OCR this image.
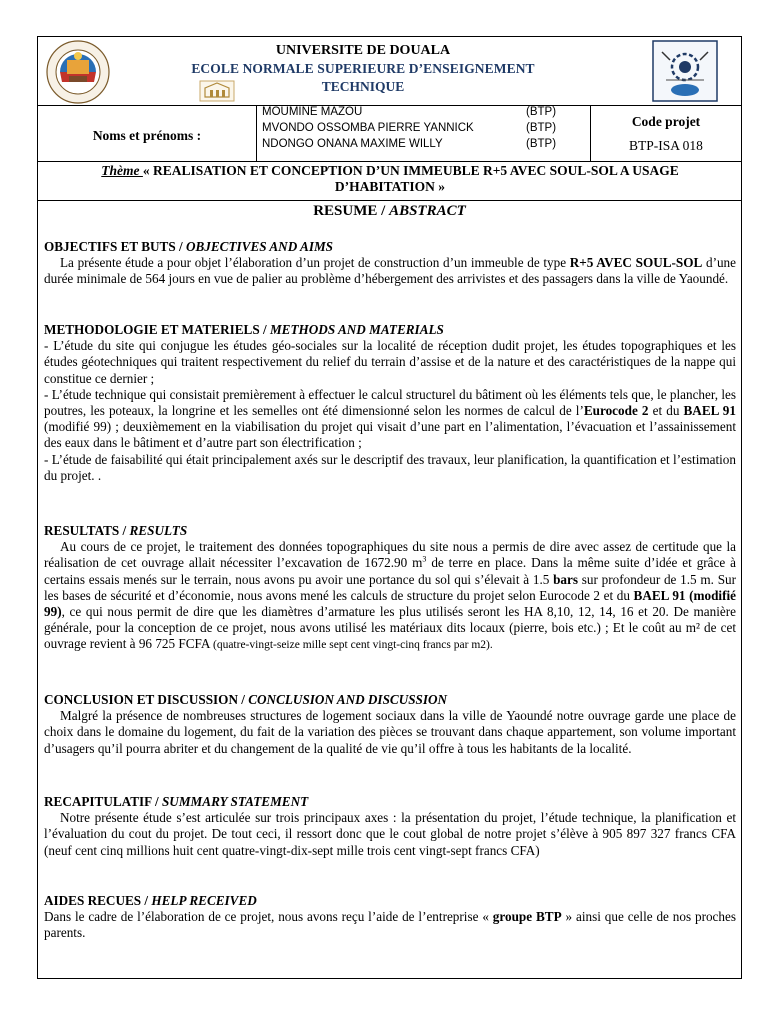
UNIVERSITE DE DOUALA
ECOLE NORMALE SUPERIEURE D’ENSEIGNEMENT
TECHNIQUE
Noms et prénoms :
MOUMINE MAZOU	(BTP)
MVONDO OSSOMBA PIERRE YANNICK	(BTP)
NDONGO ONANA MAXIME WILLY	(BTP)
Code projet
BTP-ISA 018
Thème « REALISATION ET CONCEPTION D’UN IMMEUBLE R+5 AVEC SOUL-SOL A USAGE
D’HABITATION »
RESUME / ABSTRACT

OBJECTIFS ET BUTS / OBJECTIVES AND AIMS

La présente étude a pour objet l’élaboration d’un projet de construction d’un immeuble de type R+5 AVEC SOUL-SOL d’une durée minimale de 564 jours en vue de palier au problème d’hébergement des arrivistes et des passagers dans la ville de Yaoundé.

METHODOLOGIE ET MATERIELS / METHODS AND MATERIALS

- L’étude du site qui conjugue les études géo-sociales sur la localité de réception dudit projet, les études topographiques et les études géotechniques qui traitent respectivement du relief du terrain d’assise et de la nature et des caractéristiques de la nappe qui constitue ce dernier ;

- L’étude technique qui consistait premièrement à effectuer le calcul structurel du bâtiment où les éléments tels que, le plancher, les poutres, les poteaux, la longrine et les semelles ont été dimensionné selon les normes de calcul de l’Eurocode 2 et du BAEL 91 (modifié 99) ; deuxièmement en la viabilisation du projet qui visait d’une part en l’alimentation, l’évacuation et l’assainissement des eaux dans le bâtiment et d’autre part son électrification ;

- L’étude de faisabilité qui était principalement axés sur le descriptif des travaux, leur planification, la quantification et l’estimation du projet. .

RESULTATS / RESULTS

Au cours de ce projet, le traitement des données topographiques du site nous a permis de dire avec assez de certitude que la réalisation de cet ouvrage allait nécessiter l’excavation de 1672.90 $m^3$ de terre en place. Dans la même suite d’idée et grâce à certains essais menés sur le terrain, nous avons pu avoir une portance du sol qui s’élevait à 1.5 bars sur profondeur de 1.5 m. Sur les bases de sécurité et d’économie, nous avons mené les calculs de structure du projet selon Eurocode 2 et du BAEL 91 (modifié 99), ce qui nous permit de dire que les diamètres d’armature les plus utilisés seront les HA 8,10, 12, 14, 16 et 20. De manière générale, pour la conception de ce projet, nous avons utilisé les matériaux dits locaux (pierre, bois etc.) ; Et le coût au m² de cet ouvrage revient à 96 725 FCFA (quatre-vingt-seize mille sept cent vingt-cinq francs par m2).

CONCLUSION ET DISCUSSION / CONCLUSION AND DISCUSSION

Malgré la présence de nombreuses structures de logement sociaux dans la ville de Yaoundé notre ouvrage garde une place de choix dans le domaine du logement, du fait de la variation des pièces se trouvant dans chaque appartement, son volume important d’usagers qu’il pourra abriter et du changement de la qualité de vie qu’il offre à tous les habitants de la localité.

RECAPITULATIF / SUMMARY STATEMENT

Notre présente étude s’est articulée sur trois principaux axes : la présentation du projet, l’étude technique, la planification et l’évaluation du cout du projet. De tout ceci, il ressort donc que le cout global de notre projet s’élève à 905 897 327 francs CFA (neuf cent cinq millions huit cent quatre-vingt-dix-sept mille trois cent vingt-sept francs CFA)

AIDES RECUES / HELP RECEIVED

Dans le cadre de l’élaboration de ce projet, nous avons reçu l’aide de l’entreprise « groupe BTP » ainsi que celle de nos proches parents.
